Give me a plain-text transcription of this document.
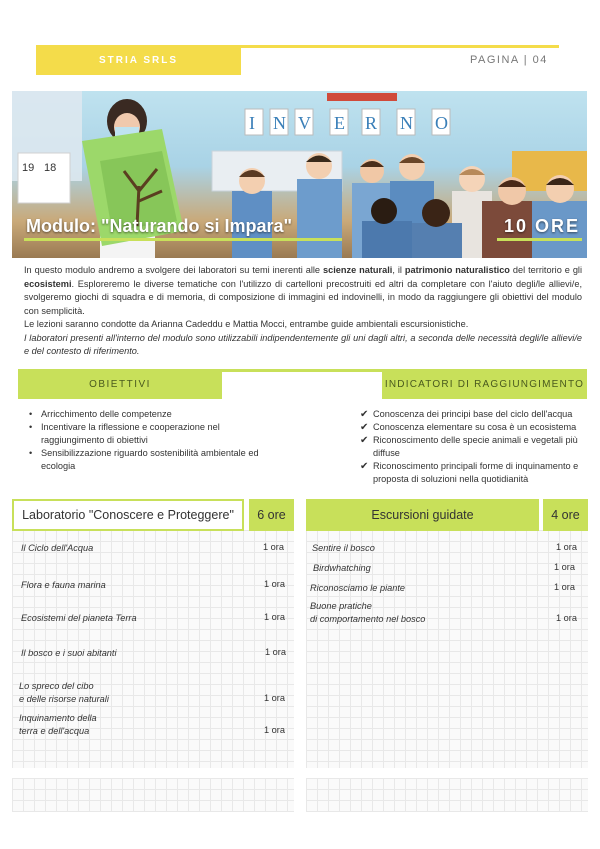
STRIA SRLS	PAGINA | 04
19 18
I N V E R N O
Modulo: "Naturando si Impara"	10 ORE

In questo modulo andremo a svolgere dei laboratori su temi inerenti alle scienze naturali, il patrimonio naturalistico del territorio e gli ecosistemi. Esploreremo le diverse tematiche con l'utilizzo di cartelloni precostruiti ed altri da completare con l'aiuto degli/le allievi/e, svolgeremo giochi di squadra e di memoria, di composizione di immagini ed indovinelli, in modo da raggiungere gli obiettivi del modulo con semplicità.

Le lezioni saranno condotte da Arianna Cadeddu e Mattia Mocci, entrambe guide ambientali escursionistiche.

I laboratori presenti all'interno del modulo sono utilizzabili indipendentemente gli uni dagli altri, a seconda delle necessità degli/le allievi/e e del contesto di riferimento.

OBIETTIVI	INDICATORI DI RAGGIUNGIMENTO
• Arricchimento delle competenze
• Incentivare la riflessione e cooperazione nel raggiungimento di obiettivi
• Sensibilizzazione riguardo sostenibilità ambientale ed ecologia
✔ Conoscenza dei principi base del ciclo dell'acqua
✔ Conoscenza elementare su cosa è un ecosistema
✔ Riconoscimento delle specie animali e vegetali più diffuse
✔ Riconoscimento principali forme di inquinamento e proposta di soluzioni nella quotidianità
Laboratorio "Conoscere e Proteggere" 6 ore
Il Ciclo dell'Acqua	1 ora
Flora e fauna marina	1 ora
Ecosistemi del pianeta Terra	1 ora
Il bosco e i suoi abitanti	1 ora
Lo spreco del cibo
e delle risorse naturali	1 ora
Inquinamento della
terra e dell'acqua	1 ora
Escursioni guidate	4 ore
Sentire il bosco	1 ora
Birdwhatching	1 ora
Riconosciamo le piante	1 ora
Buone pratiche
di comportamento nel bosco	1 ora
